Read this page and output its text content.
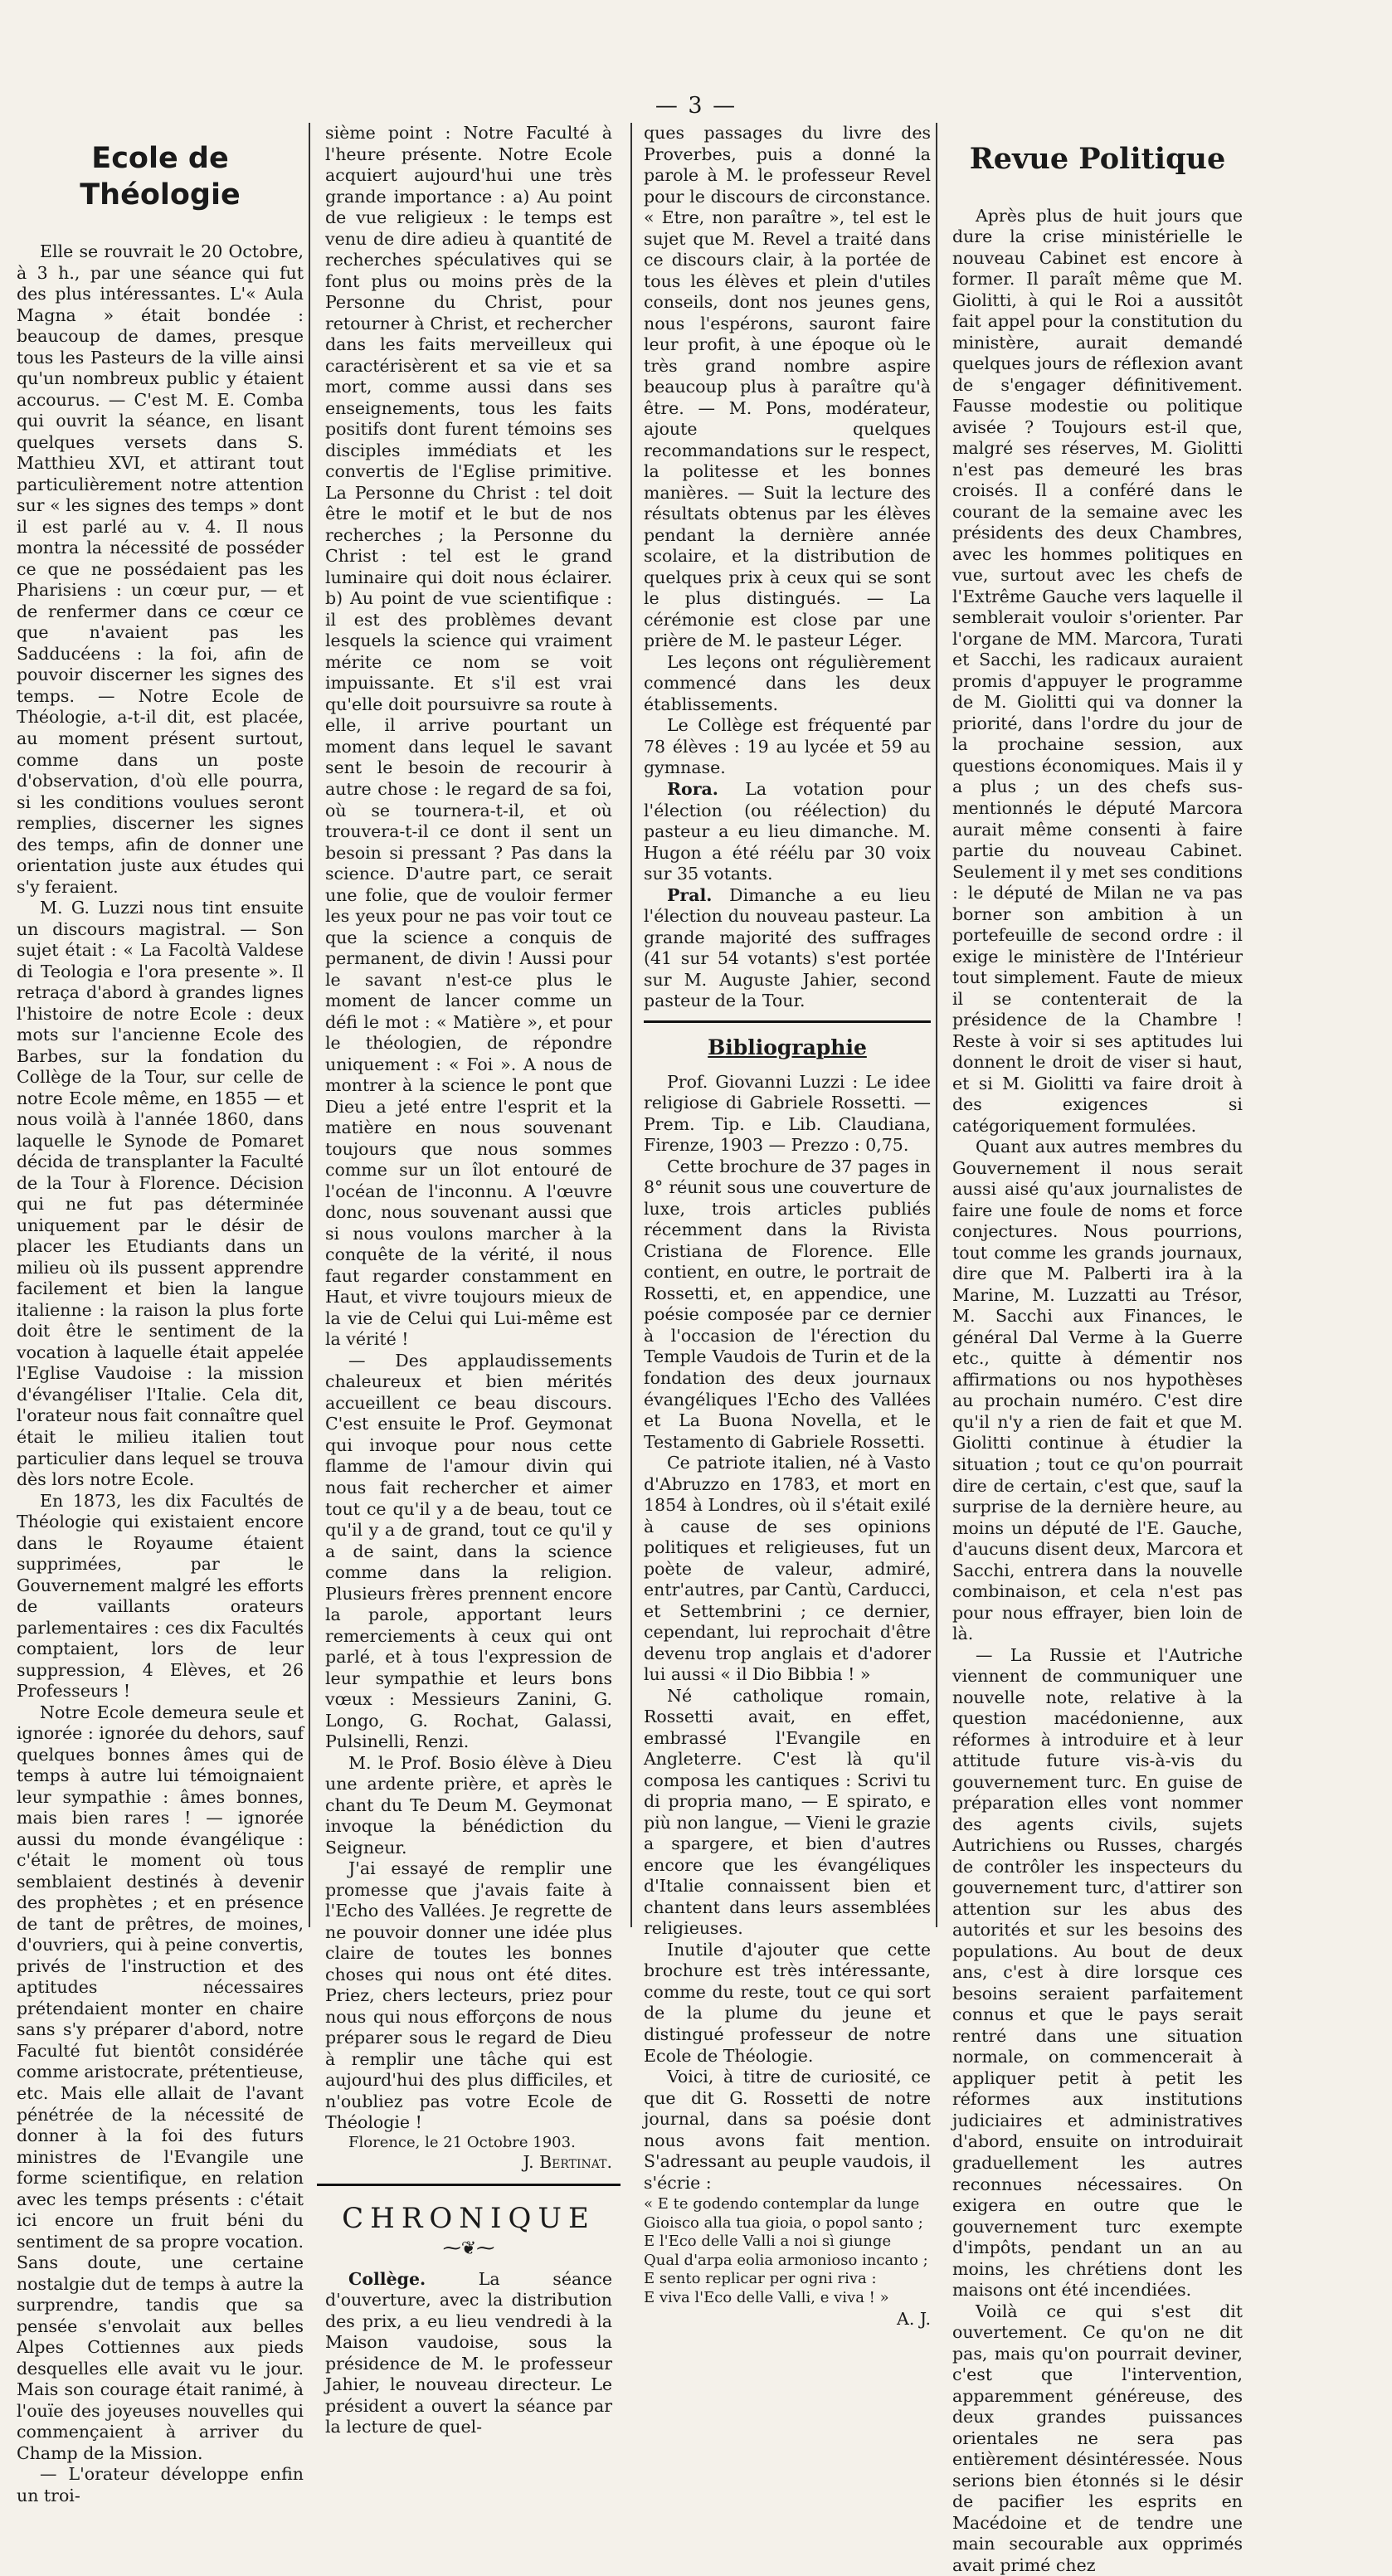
— 3 —
Ecole de Théologie

Elle se rouvrait le 20 Octobre, à 3 h., par une séance qui fut des plus intéressantes. L'« Aula Magna » était bondée : beaucoup de dames, presque tous les Pasteurs de la ville ainsi qu'un nombreux public y étaient accourus. — C'est M. E. Comba qui ouvrit la séance, en lisant quelques versets dans S. Matthieu XVI, et attirant tout particulièrement notre attention sur « les signes des temps » dont il est parlé au v. 4. Il nous montra la nécessité de posséder ce que ne possédaient pas les Pharisiens : un cœur pur, — et de renfermer dans ce cœur ce que n'avaient pas les Sadducéens : la foi, afin de pouvoir discerner les signes des temps. — Notre Ecole de Théologie, a-t-il dit, est placée, au moment présent surtout, comme dans un poste d'observation, d'où elle pourra, si les conditions voulues seront remplies, discerner les signes des temps, afin de donner une orientation juste aux études qui s'y feraient.

M. G. Luzzi nous tint ensuite un discours magistral. — Son sujet était : « La Facoltà Valdese di Teologia e l'ora presente ». Il retraça d'abord à grandes lignes l'histoire de notre Ecole : deux mots sur l'ancienne Ecole des Barbes, sur la fondation du Collège de la Tour, sur celle de notre Ecole même, en 1855 — et nous voilà à l'année 1860, dans laquelle le Synode de Pomaret décida de transplanter la Faculté de la Tour à Florence. Décision qui ne fut pas déterminée uniquement par le désir de placer les Etudiants dans un milieu où ils pussent apprendre facilement et bien la langue italienne : la raison la plus forte doit être le sentiment de la vocation à laquelle était appelée l'Eglise Vaudoise : la mission d'évangéliser l'Italie. Cela dit, l'orateur nous fait connaître quel était le milieu italien tout particulier dans lequel se trouva dès lors notre Ecole.

En 1873, les dix Facultés de Théologie qui existaient encore dans le Royaume étaient supprimées, par le Gouvernement malgré les efforts de vaillants orateurs parlementaires : ces dix Facultés comptaient, lors de leur suppression, 4 Elèves, et 26 Professeurs !

Notre Ecole demeura seule et ignorée : ignorée du dehors, sauf quelques bonnes âmes qui de temps à autre lui témoignaient leur sympathie : âmes bonnes, mais bien rares ! — ignorée aussi du monde évangélique : c'était le moment où tous semblaient destinés à devenir des prophètes ; et en présence de tant de prêtres, de moines, d'ouvriers, qui à peine convertis, privés de l'instruction et des aptitudes nécessaires prétendaient monter en chaire sans s'y préparer d'abord, notre Faculté fut bientôt considérée comme aristocrate, prétentieuse, etc. Mais elle allait de l'avant pénétrée de la nécessité de donner à la foi des futurs ministres de l'Evangile une forme scientifique, en relation avec les temps présents : c'était ici encore un fruit béni du sentiment de sa propre vocation. Sans doute, une certaine nostalgie dut de temps à autre la surprendre, tandis que sa pensée s'envolait aux belles Alpes Cottiennes aux pieds desquelles elle avait vu le jour. Mais son courage était ranimé, à l'ouïe des joyeuses nouvelles qui commençaient à arriver du Champ de la Mission.

— L'orateur développe enfin un troi-

sième point : Notre Faculté à l'heure présente. Notre Ecole acquiert aujourd'hui une très grande importance : a) Au point de vue religieux : le temps est venu de dire adieu à quantité de recherches spéculatives qui se font plus ou moins près de la Personne du Christ, pour retourner à Christ, et rechercher dans les faits merveilleux qui caractérisèrent et sa vie et sa mort, comme aussi dans ses enseignements, tous les faits positifs dont furent témoins ses disciples immédiats et les convertis de l'Eglise primitive. La Personne du Christ : tel doit être le motif et le but de nos recherches ; la Personne du Christ : tel est le grand luminaire qui doit nous éclairer. b) Au point de vue scientifique : il est des problèmes devant lesquels la science qui vraiment mérite ce nom se voit impuissante. Et s'il est vrai qu'elle doit poursuivre sa route à elle, il arrive pourtant un moment dans lequel le savant sent le besoin de recourir à autre chose : le regard de sa foi, où se tournera-t-il, et où trouvera-t-il ce dont il sent un besoin si pressant ? Pas dans la science. D'autre part, ce serait une folie, que de vouloir fermer les yeux pour ne pas voir tout ce que la science a conquis de permanent, de divin ! Aussi pour le savant n'est-ce plus le moment de lancer comme un défi le mot : « Matière », et pour le théologien, de répondre uniquement : « Foi ». A nous de montrer à la science le pont que Dieu a jeté entre l'esprit et la matière en nous souvenant toujours que nous sommes comme sur un îlot entouré de l'océan de l'inconnu. A l'œuvre donc, nous souvenant aussi que si nous voulons marcher à la conquête de la vérité, il nous faut regarder constamment en Haut, et vivre toujours mieux de la vie de Celui qui Lui-même est la vérité !

— Des applaudissements chaleureux et bien mérités accueillent ce beau discours. C'est ensuite le Prof. Geymonat qui invoque pour nous cette flamme de l'amour divin qui nous fait rechercher et aimer tout ce qu'il y a de beau, tout ce qu'il y a de grand, tout ce qu'il y a de saint, dans la science comme dans la religion. Plusieurs frères prennent encore la parole, apportant leurs remerciements à ceux qui ont parlé, et à tous l'expression de leur sympathie et leurs bons vœux : Messieurs Zanini, G. Longo, G. Rochat, Galassi, Pulsinelli, Renzi.

M. le Prof. Bosio élève à Dieu une ardente prière, et après le chant du Te Deum M. Geymonat invoque la bénédiction du Seigneur.

J'ai essayé de remplir une promesse que j'avais faite à l'Echo des Vallées. Je regrette de ne pouvoir donner une idée plus claire de toutes les bonnes choses qui nous ont été dites. Priez, chers lecteurs, priez pour nous qui nous efforçons de nous préparer sous le regard de Dieu à remplir une tâche qui est aujourd'hui des plus difficiles, et n'oubliez pas votre Ecole de Théologie !

Florence, le 21 Octobre 1903.

J. Bertinat.

CHRONIQUE
⁓❦⁓

Collège. La séance d'ouverture, avec la distribution des prix, a eu lieu vendredi à la Maison vaudoise, sous la présidence de M. le professeur Jahier, le nouveau directeur. Le président a ouvert la séance par la lecture de quel-

ques passages du livre des Proverbes, puis a donné la parole à M. le professeur Revel pour le discours de circonstance. « Etre, non paraître », tel est le sujet que M. Revel a traité dans ce discours clair, à la portée de tous les élèves et plein d'utiles conseils, dont nos jeunes gens, nous l'espérons, sauront faire leur profit, à une époque où le très grand nombre aspire beaucoup plus à paraître qu'à être. — M. Pons, modérateur, ajoute quelques recommandations sur le respect, la politesse et les bonnes manières. — Suit la lecture des résultats obtenus par les élèves pendant la dernière année scolaire, et la distribution de quelques prix à ceux qui se sont le plus distingués. — La cérémonie est close par une prière de M. le pasteur Léger.

Les leçons ont régulièrement commencé dans les deux établissements.

Le Collège est fréquenté par 78 élèves : 19 au lycée et 59 au gymnase.

Rora. La votation pour l'élection (ou réélection) du pasteur a eu lieu dimanche. M. Hugon a été réélu par 30 voix sur 35 votants.

Pral. Dimanche a eu lieu l'élection du nouveau pasteur. La grande majorité des suffrages (41 sur 54 votants) s'est portée sur M. Auguste Jahier, second pasteur de la Tour.

Bibliographie

Prof. Giovanni Luzzi : Le idee religiose di Gabriele Rossetti. — Prem. Tip. e Lib. Claudiana, Firenze, 1903 — Prezzo : 0,75.

Cette brochure de 37 pages in 8° réunit sous une couverture de luxe, trois articles publiés récemment dans la Rivista Cristiana de Florence. Elle contient, en outre, le portrait de Rossetti, et, en appendice, une poésie composée par ce dernier à l'occasion de l'érection du Temple Vaudois de Turin et de la fondation des deux journaux évangéliques l'Echo des Vallées et La Buona Novella, et le Testamento di Gabriele Rossetti.

Ce patriote italien, né à Vasto d'Abruzzo en 1783, et mort en 1854 à Londres, où il s'était exilé à cause de ses opinions politiques et religieuses, fut un poète de valeur, admiré, entr'autres, par Cantù, Carducci, et Settembrini ; ce dernier, cependant, lui reprochait d'être devenu trop anglais et d'adorer lui aussi « il Dio Bibbia ! »

Né catholique romain, Rossetti avait, en effet, embrassé l'Evangile en Angleterre. C'est là qu'il composa les cantiques : Scrivi tu di propria mano, — E spirato, e più non langue, — Vieni le grazie a spargere, et bien d'autres encore que les évangéliques d'Italie connaissent bien et chantent dans leurs assemblées religieuses.

Inutile d'ajouter que cette brochure est très intéressante, comme du reste, tout ce qui sort de la plume du jeune et distingué professeur de notre Ecole de Théologie.

Voici, à titre de curiosité, ce que dit G. Rossetti de notre journal, dans sa poésie dont nous avons fait mention. S'adressant au peuple vaudois, il s'écrie :

« E te godendo contemplar da lunge
Gioisco alla tua gioia, o popol santo ;
E l'Eco delle Valli a noi sì giunge
Qual d'arpa eolia armonioso incanto ;
E sento replicar per ogni riva :
E viva l'Eco delle Valli, e viva ! »

A. J.

Revue Politique

Après plus de huit jours que dure la crise ministérielle le nouveau Cabinet est encore à former. Il paraît même que M. Giolitti, à qui le Roi a aussitôt fait appel pour la constitution du ministère, aurait demandé quelques jours de réflexion avant de s'engager définitivement. Fausse modestie ou politique avisée ? Toujours est-il que, malgré ses réserves, M. Giolitti n'est pas demeuré les bras croisés. Il a conféré dans le courant de la semaine avec les présidents des deux Chambres, avec les hommes politiques en vue, surtout avec les chefs de l'Extrême Gauche vers laquelle il semblerait vouloir s'orienter. Par l'organe de MM. Marcora, Turati et Sacchi, les radicaux auraient promis d'appuyer le programme de M. Giolitti qui va donner la priorité, dans l'ordre du jour de la prochaine session, aux questions économiques. Mais il y a plus ; un des chefs sus-mentionnés le député Marcora aurait même consenti à faire partie du nouveau Cabinet. Seulement il y met ses conditions : le député de Milan ne va pas borner son ambition à un portefeuille de second ordre : il exige le ministère de l'Intérieur tout simplement. Faute de mieux il se contenterait de la présidence de la Chambre ! Reste à voir si ses aptitudes lui donnent le droit de viser si haut, et si M. Giolitti va faire droit à des exigences si catégoriquement formulées.

Quant aux autres membres du Gouvernement il nous serait aussi aisé qu'aux journalistes de faire une foule de noms et force conjectures. Nous pourrions, tout comme les grands journaux, dire que M. Palberti ira à la Marine, M. Luzzatti au Trésor, M. Sacchi aux Finances, le général Dal Verme à la Guerre etc., quitte à démentir nos affirmations ou nos hypothèses au prochain numéro. C'est dire qu'il n'y a rien de fait et que M. Giolitti continue à étudier la situation ; tout ce qu'on pourrait dire de certain, c'est que, sauf la surprise de la dernière heure, au moins un député de l'E. Gauche, d'aucuns disent deux, Marcora et Sacchi, entrera dans la nouvelle combinaison, et cela n'est pas pour nous effrayer, bien loin de là.

— La Russie et l'Autriche viennent de communiquer une nouvelle note, relative à la question macédonienne, aux réformes à introduire et à leur attitude future vis-à-vis du gouvernement turc. En guise de préparation elles vont nommer des agents civils, sujets Autrichiens ou Russes, chargés de contrôler les inspecteurs du gouvernement turc, d'attirer son attention sur les abus des autorités et sur les besoins des populations. Au bout de deux ans, c'est à dire lorsque ces besoins seraient parfaitement connus et que le pays serait rentré dans une situation normale, on commencerait à appliquer petit à petit les réformes aux institutions judiciaires et administratives d'abord, ensuite on introduirait graduellement les autres reconnues nécessaires. On exigera en outre que le gouvernement turc exempte d'impôts, pendant un an au moins, les chrétiens dont les maisons ont été incendiées.

Voilà ce qui s'est dit ouvertement. Ce qu'on ne dit pas, mais qu'on pourrait deviner, c'est que l'intervention, apparemment généreuse, des deux grandes puissances orientales ne sera pas entièrement désintéressée. Nous serions bien étonnés si le désir de pacifier les esprits en Macédoine et de tendre une main secourable aux opprimés avait primé chez
